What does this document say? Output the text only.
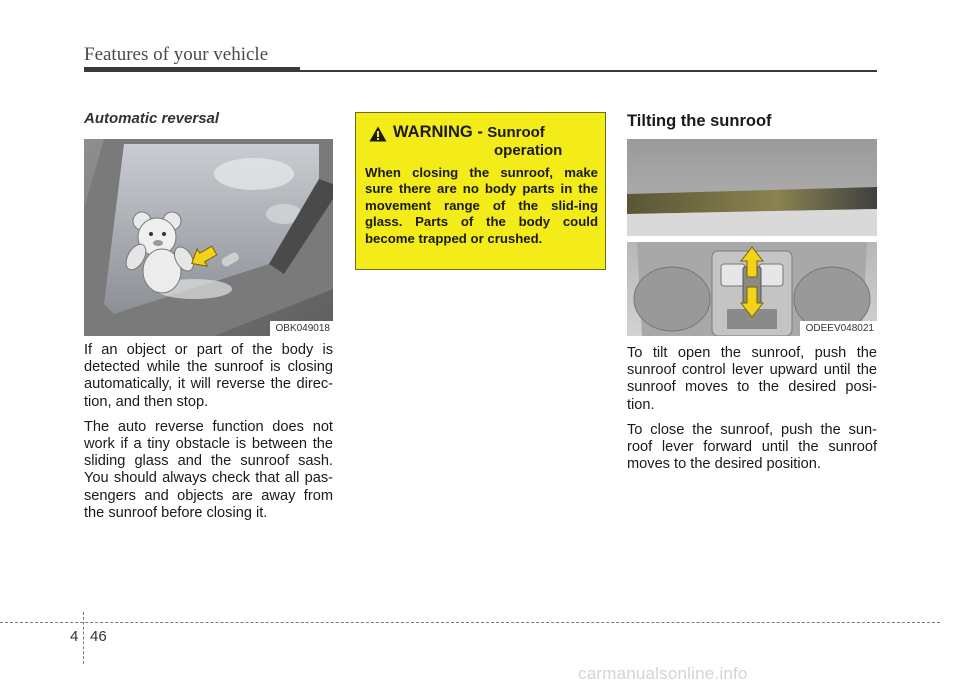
Features of your vehicle
Automatic reversal
OBK049018

If an object or part of the body is detected while the sunroof is closing automatically, it will reverse the direc-tion, and then stop.

The auto reverse function does not work if a tiny obstacle is between the sliding glass and the sunroof sash. You should always check that all pas-sengers and objects are away from the sunroof before closing it.

WARNING - Sunroof
operation
When closing the sunroof, make sure there are no body parts in the movement range of the slid-ing glass. Parts of the body could become trapped or crushed.
Tilting the sunroof
ODEEV048021

To tilt open the sunroof, push the sunroof control lever upward until the sunroof moves to the desired posi-tion.

To close the sunroof, push the sun-roof lever forward until the sunroof moves to the desired position.

4 46
carmanualsonline.info
